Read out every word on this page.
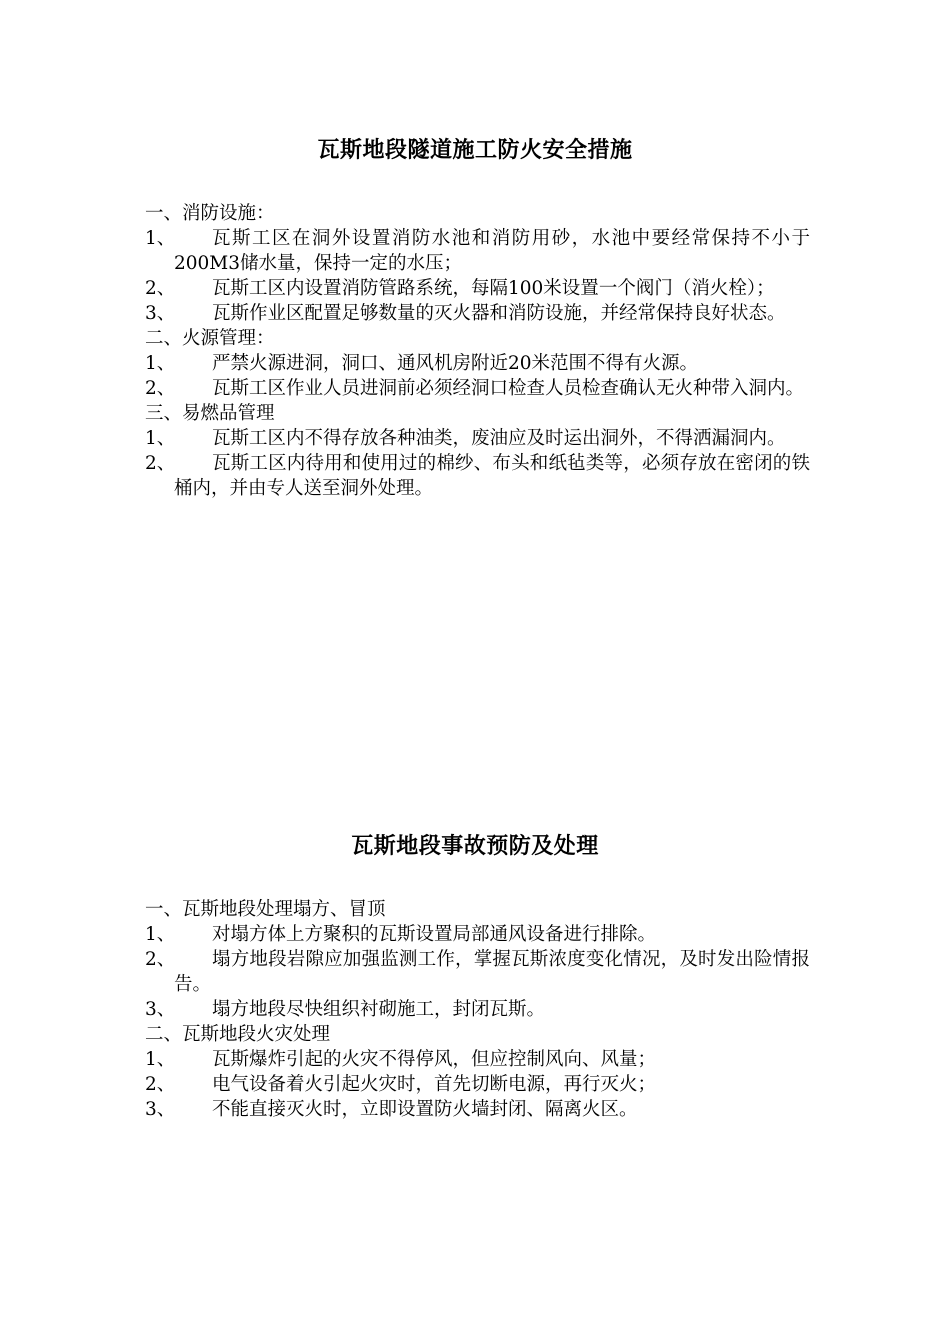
瓦斯地段隧道施工防火安全措施
一、消防设施：
1、	瓦斯工区在洞外设置消防水池和消防用砂，水池中要经常保持不小于200M3储水量，保持一定的水压；
2、	瓦斯工区内设置消防管路系统，每隔100米设置一个阀门（消火栓）；
3、	瓦斯作业区配置足够数量的灭火器和消防设施，并经常保持良好状态。
二、火源管理：
1、	严禁火源进洞，洞口、通风机房附近20米范围不得有火源。
2、	瓦斯工区作业人员进洞前必须经洞口检查人员检查确认无火种带入洞内。
三、易燃品管理
1、	瓦斯工区内不得存放各种油类，废油应及时运出洞外，不得洒漏洞内。
2、	瓦斯工区内待用和使用过的棉纱、布头和纸毡类等，必须存放在密闭的铁桶内，并由专人送至洞外处理。
瓦斯地段事故预防及处理
一、瓦斯地段处理塌方、冒顶
1、	对塌方体上方聚积的瓦斯设置局部通风设备进行排除。
2、	塌方地段岩隙应加强监测工作，掌握瓦斯浓度变化情况，及时发出险情报告。
3、	塌方地段尽快组织衬砌施工，封闭瓦斯。
二、瓦斯地段火灾处理
1、	瓦斯爆炸引起的火灾不得停风，但应控制风向、风量；
2、	电气设备着火引起火灾时，首先切断电源，再行灭火；
3、	不能直接灭火时，立即设置防火墙封闭、隔离火区。
